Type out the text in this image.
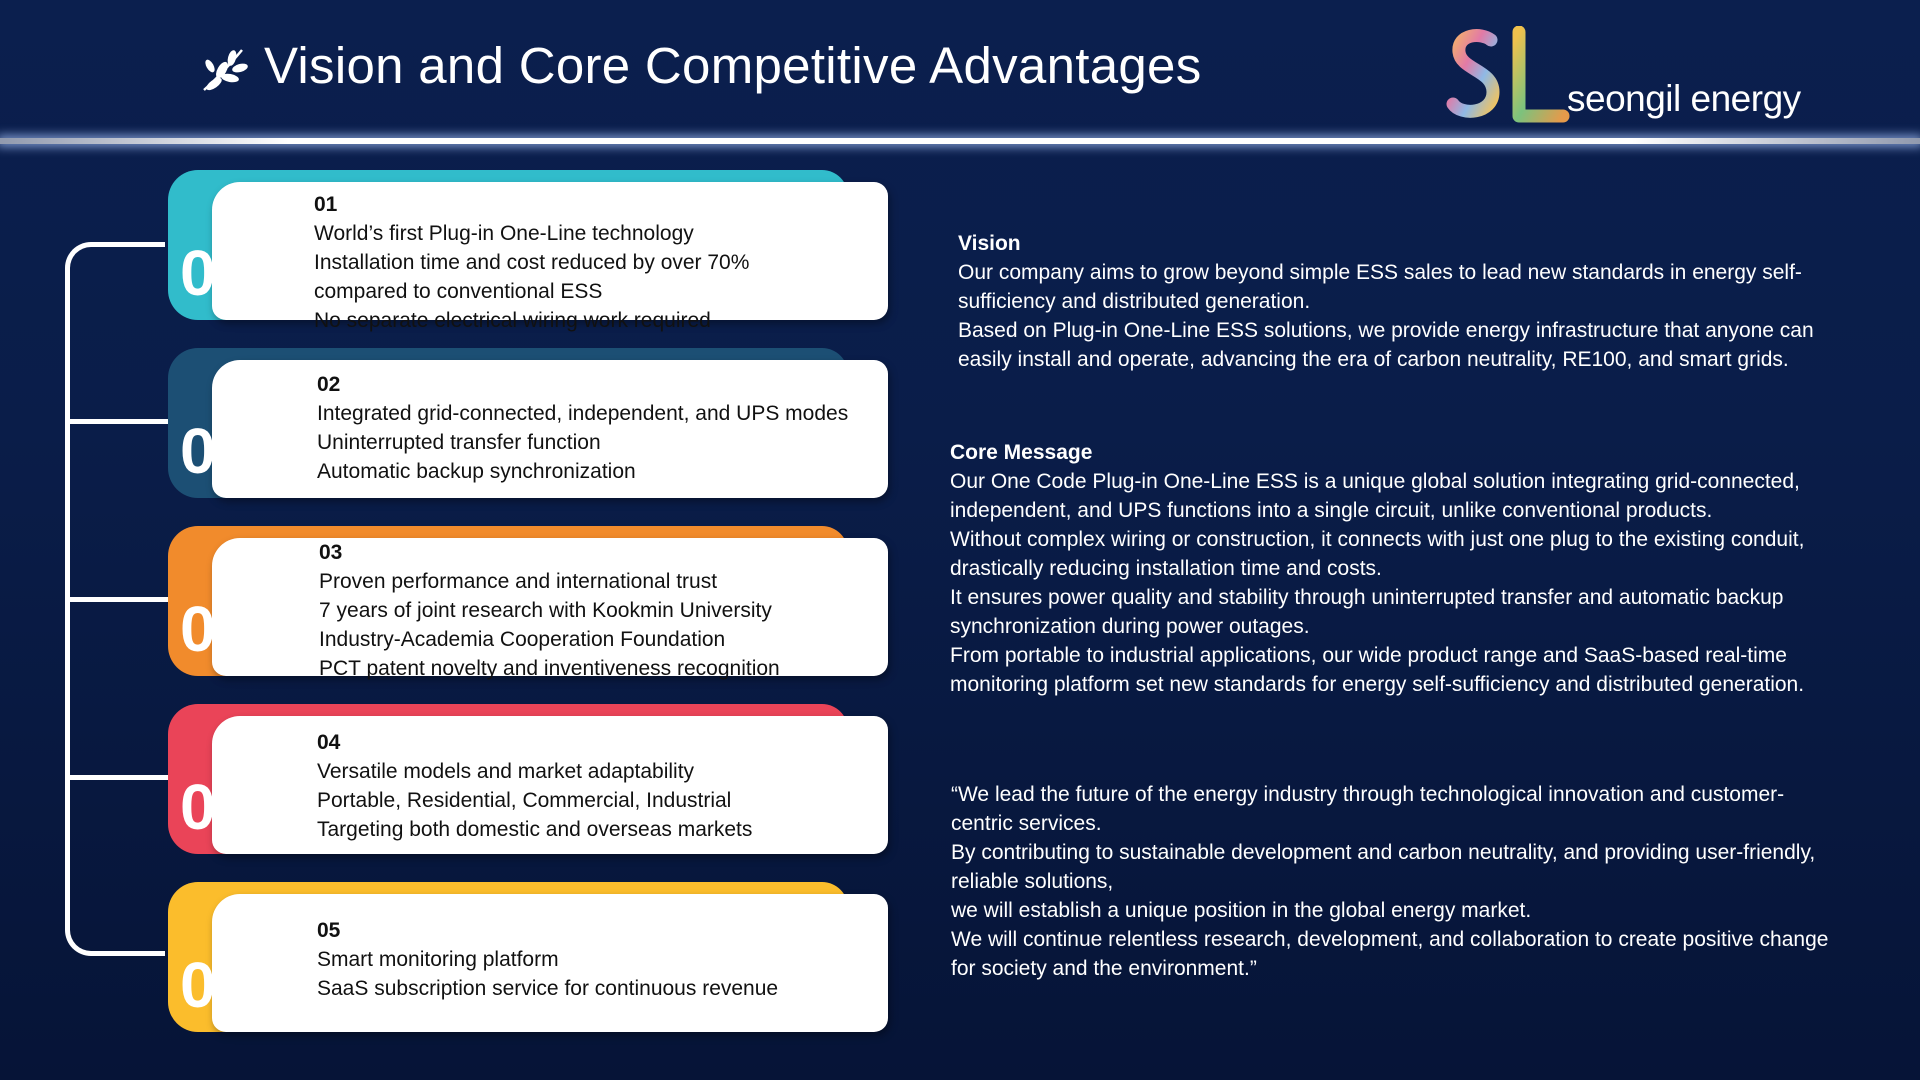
Vision and Core Competitive Advantages
seongil energy
01
01
World’s first Plug-in One-Line technology
Installation time and cost reduced by over 70%
compared to conventional ESS
No separate electrical wiring work required
02
02
Integrated grid-connected, independent, and UPS modes
Uninterrupted transfer function
Automatic backup synchronization
03
03
Proven performance and international trust
7 years of joint research with Kookmin University
Industry-Academia Cooperation Foundation
PCT patent novelty and inventiveness recognition
04
04
Versatile models and market adaptability
Portable, Residential, Commercial, Industrial
Targeting both domestic and overseas markets
05
05
Smart monitoring platform
SaaS subscription service for continuous revenue
Vision
Our company aims to grow beyond simple ESS sales to lead new standards in energy self-
sufficiency and distributed generation.
Based on Plug-in One-Line ESS solutions, we provide energy infrastructure that anyone can
easily install and operate, advancing the era of carbon neutrality, RE100, and smart grids.
Core Message
Our One Code Plug-in One-Line ESS is a unique global solution integrating grid-connected,
independent, and UPS functions into a single circuit, unlike conventional products.
Without complex wiring or construction, it connects with just one plug to the existing conduit,
drastically reducing installation time and costs.
It ensures power quality and stability through uninterrupted transfer and automatic backup
synchronization during power outages.
From portable to industrial applications, our wide product range and SaaS-based real-time
monitoring platform set new standards for energy self-sufficiency and distributed generation.
“We lead the future of the energy industry through technological innovation and customer-
centric services.
By contributing to sustainable development and carbon neutrality, and providing user-friendly,
reliable solutions,
we will establish a unique position in the global energy market.
We will continue relentless research, development, and collaboration to create positive change
for society and the environment.”
